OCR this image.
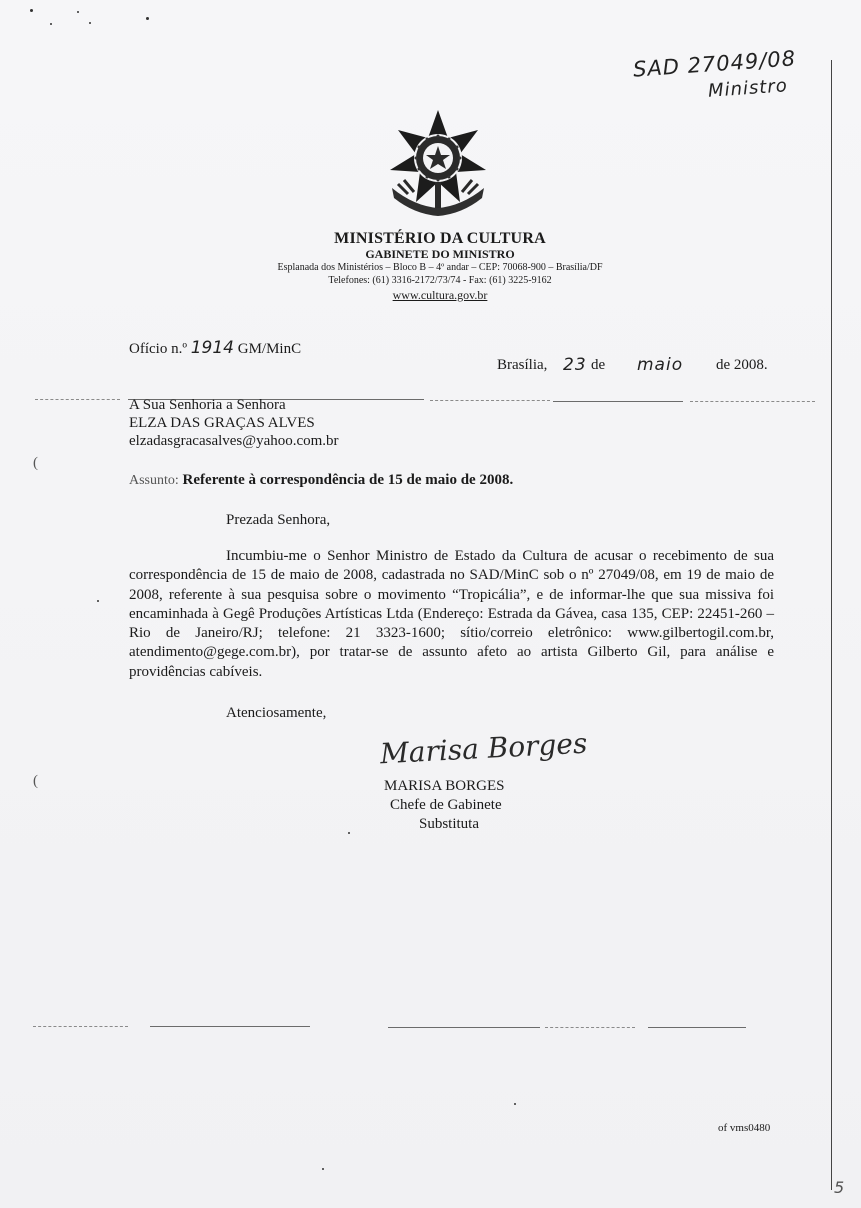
SAD 27049/08
Ministro
MINISTÉRIO DA CULTURA
GABINETE DO MINISTRO
Esplanada dos Ministérios – Bloco B – 4º andar – CEP: 70068-900 – Brasília/DF
Telefones: (61) 3316-2172/73/74 - Fax: (61) 3225-9162
www.cultura.gov.br
Ofício n.º 1914 GM/MinC
Brasília, 23 de maio de 2008.
A Sua Senhoria a Senhora
ELZA DAS GRAÇAS ALVES
elzadasgracasalves@yahoo.com.br
(
(
Assunto: Referente à correspondência de 15 de maio de 2008.
Prezada Senhora,
Incumbiu-me o Senhor Ministro de Estado da Cultura de acusar o recebimento de sua correspondência de 15 de maio de 2008, cadastrada no SAD/MinC sob o nº 27049/08, em 19 de maio de 2008, referente à sua pesquisa sobre o movimento “Tropicália”, e de informar-lhe que sua missiva foi encaminhada à Gegê Produções Artísticas Ltda (Endereço: Estrada da Gávea, casa 135, CEP: 22451-260 – Rio de Janeiro/RJ; telefone: 21 3323-1600; sítio/correio eletrônico: www.gilbertogil.com.br, atendimento@gege.com.br), por tratar-se de assunto afeto ao artista Gilberto Gil, para análise e providências cabíveis.
Atenciosamente,
Marisa Borges
MARISA BORGES
Chefe de Gabinete
Substituta
of vms0480
5
